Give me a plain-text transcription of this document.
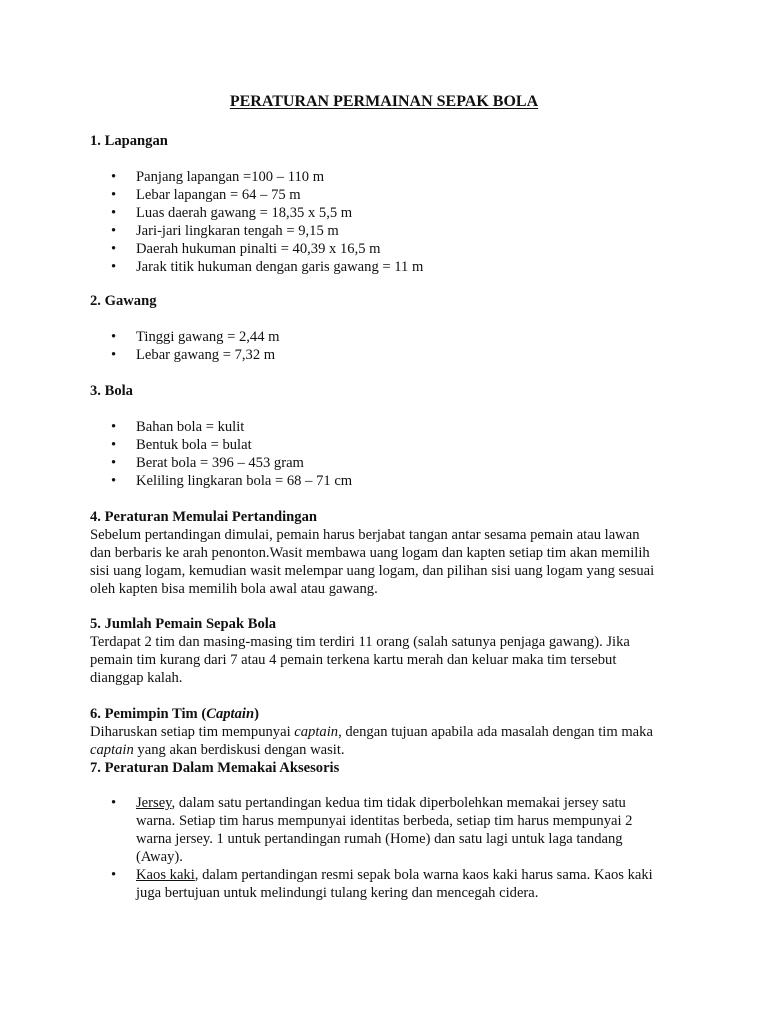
PERATURAN PERMAINAN SEPAK BOLA
1. Lapangan
• Panjang lapangan =100 – 110 m
• Lebar lapangan = 64 – 75 m
• Luas daerah gawang = 18,35 x 5,5 m
• Jari-jari lingkaran tengah = 9,15 m
• Daerah hukuman pinalti = 40,39 x 16,5 m
• Jarak titik hukuman dengan garis gawang = 11 m
2. Gawang
• Tinggi gawang = 2,44 m
• Lebar gawang = 7,32 m
3. Bola
• Bahan bola = kulit
• Bentuk bola = bulat
• Berat bola = 396 – 453 gram
• Keliling lingkaran bola = 68 – 71 cm
4. Peraturan Memulai Pertandingan

Sebelum pertandingan dimulai, pemain harus berjabat tangan antar sesama pemain atau lawan

dan berbaris ke arah penonton.Wasit membawa uang logam dan kapten setiap tim akan memilih

sisi uang logam, kemudian wasit melempar uang logam, dan pilihan sisi uang logam yang sesuai

oleh kapten bisa memilih bola awal atau gawang.

5. Jumlah Pemain Sepak Bola

Terdapat 2 tim dan masing-masing tim terdiri 11 orang (salah satunya penjaga gawang). Jika

pemain tim kurang dari 7 atau 4 pemain terkena kartu merah dan keluar maka tim tersebut

dianggap kalah.

6. Pemimpin Tim (Captain)

Diharuskan setiap tim mempunyai captain, dengan tujuan apabila ada masalah dengan tim maka

captain yang akan berdiskusi dengan wasit.

7. Peraturan Dalam Memakai Aksesoris
• Jersey, dalam satu pertandingan kedua tim tidak diperbolehkan memakai jersey satu
warna. Setiap tim harus mempunyai identitas berbeda, setiap tim harus mempunyai 2
warna jersey. 1 untuk pertandingan rumah (Home) dan satu lagi untuk laga tandang
(Away).
• Kaos kaki, dalam pertandingan resmi sepak bola warna kaos kaki harus sama. Kaos kaki
juga bertujuan untuk melindungi tulang kering dan mencegah cidera.
